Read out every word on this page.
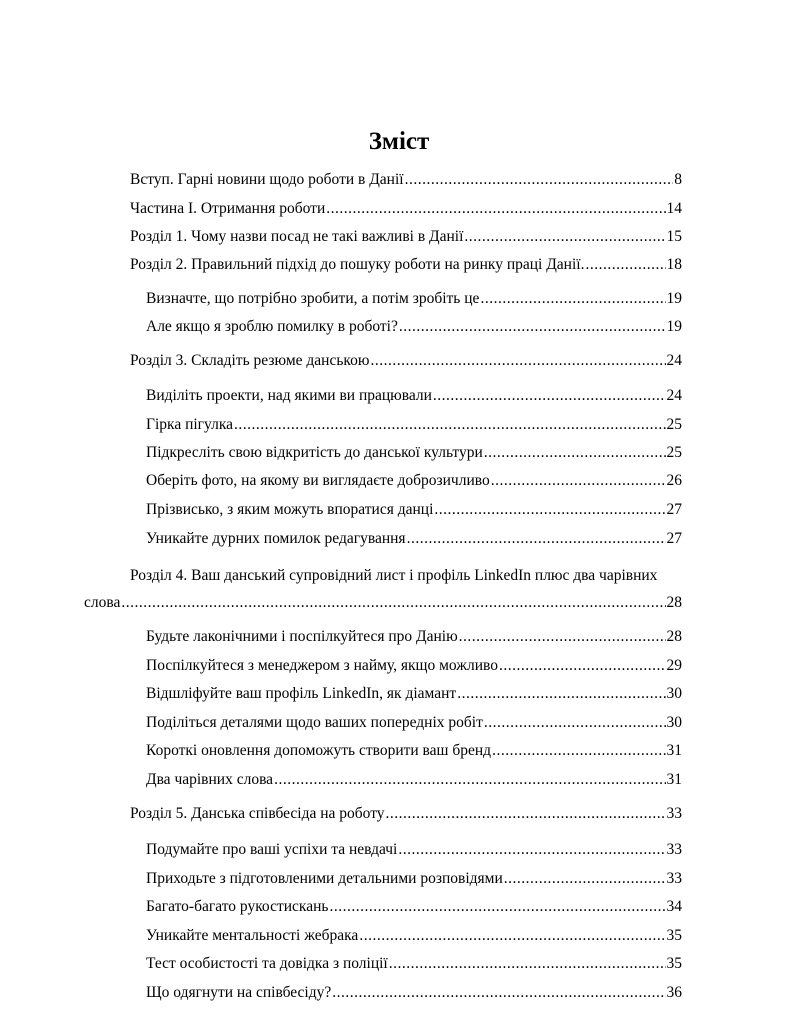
Зміст
Вступ. Гарні новини щодо роботи в Данії .....	8
Частина І. Отримання роботи .....	14
Розділ 1. Чому назви посад не такі важливі в Данії .....	15
Розділ 2. Правильний підхід до пошуку роботи на ринку праці Данії. .....	18
Визначте, що потрібно зробити, а потім зробіть це .....	19
Але якщо я зроблю помилку в роботі? .....	19
Розділ 3. Складіть резюме данською .....	24
Виділіть проекти, над якими ви працювали .....	24
Гірка пігулка .....	25
Підкресліть свою відкритість до данської культури .....	25
Оберіть фото, на якому ви виглядаєте доброзичливо .....	26
Прізвисько, з яким можуть впоратися данці .....	27
Уникайте дурних помилок редагування .....	27
Розділ 4. Ваш данський супровідний лист і профіль LinkedIn плюс два чарівних
слова .....	28
Будьте лаконічними і поспілкуйтеся про Данію .....	28
Поспілкуйтеся з менеджером з найму, якщо можливо .....	29
Відшліфуйте ваш профіль LinkedIn, як діамант .....	30
Поділіться деталями щодо ваших попередніх робіт .....	30
Короткі оновлення допоможуть створити ваш бренд .....	31
Два чарівних слова .....	31
Розділ 5. Данська співбесіда на роботу .....	33
Подумайте про ваші успіхи та невдачі .....	33
Приходьте з підготовленими детальними розповідями .....	33
Багато-багато рукостискань .....	34
Уникайте ментальності жебрака .....	35
Тест особистості та довідка з поліції .....	35
Що одягнути на співбесіду? .....	36
